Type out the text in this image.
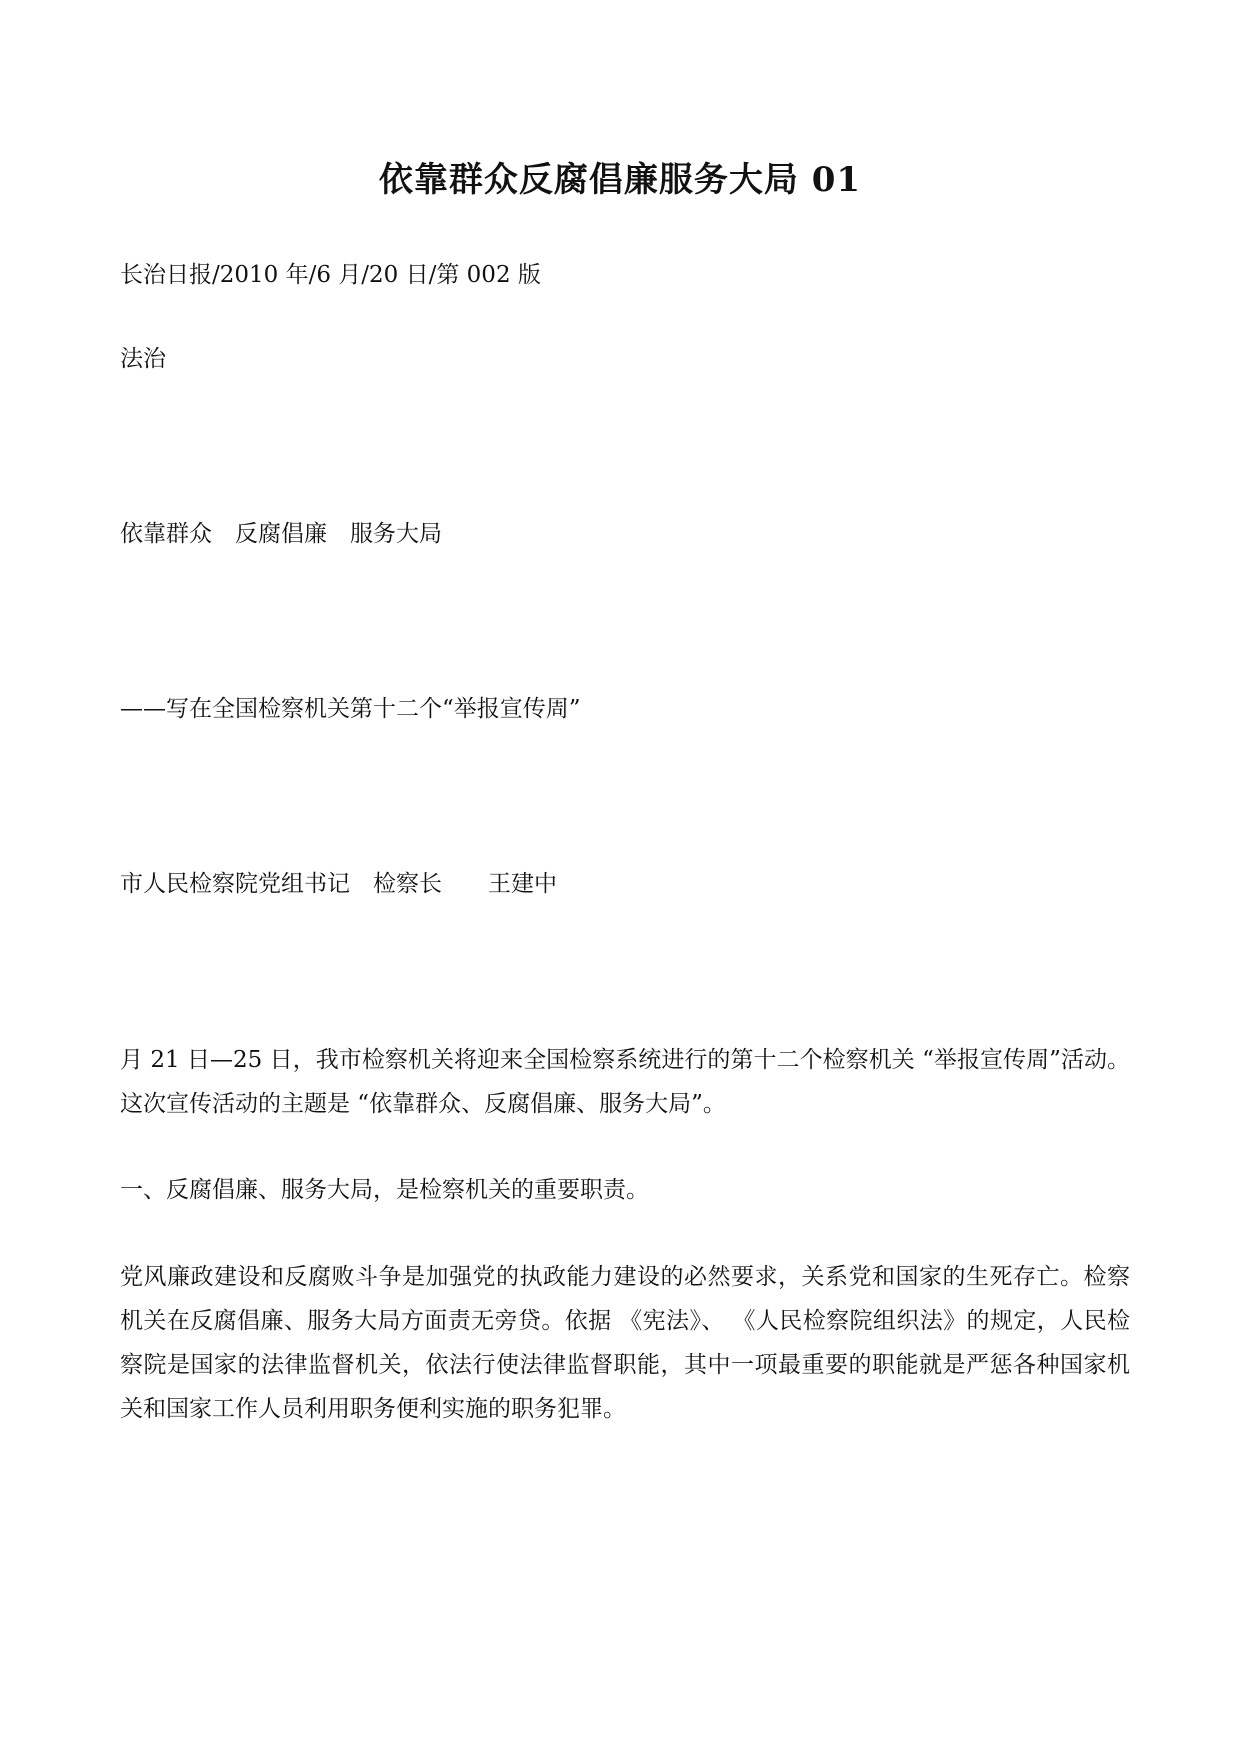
依靠群众反腐倡廉服务大局 01
长治日报/2010 年/6 月/20 日/第 002 版
法治
依靠群众　反腐倡廉　服务大局
——写在全国检察机关第十二个“举报宣传周”
市人民检察院党组书记　检察长　　王建中
月 21 日—25 日，我市检察机关将迎来全国检察系统进行的第十二个检察机关 “举报宣传周”活动。这次宣传活动的主题是 “依靠群众、反腐倡廉、服务大局”。
一、反腐倡廉、服务大局，是检察机关的重要职责。
党风廉政建设和反腐败斗争是加强党的执政能力建设的必然要求，关系党和国家的生死存亡。检察机关在反腐倡廉、服务大局方面责无旁贷。依据 《宪法》、 《人民检察院组织法》的规定，人民检察院是国家的法律监督机关，依法行使法律监督职能，其中一项最重要的职能就是严惩各种国家机关和国家工作人员利用职务便利实施的职务犯罪。
